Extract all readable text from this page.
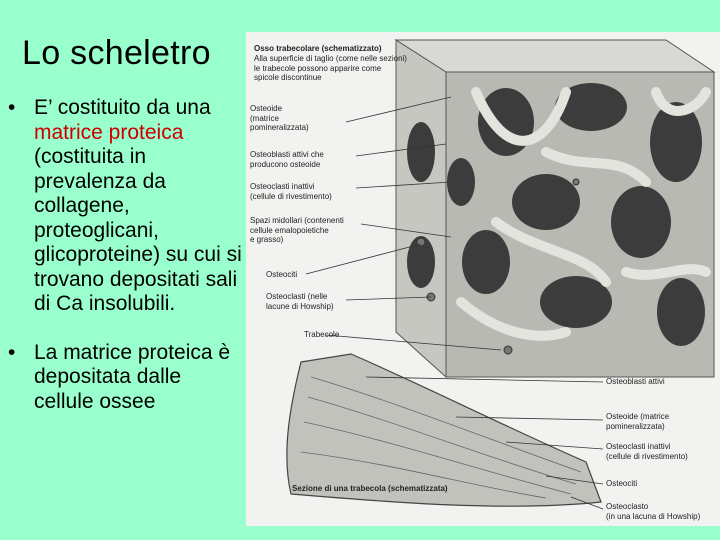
Lo scheletro
• E’ costituito da una matrice proteica (costituita in prevalenza da collagene, proteoglicani, glicoproteine) su cui si trovano depositati sali di Ca insolubili.
• La matrice proteica è depositata dalle cellule ossee
Osso trabecolare (schematizzato)
Alla superficie di taglio (come nelle sezioni)
le trabecole possono apparire come
spicole discontinue
Osteoide
(matrice
pomineralizzata)
Osteoblasti attivi che
producono osteoide
Osteoclasti inattivi
(cellule di rivestimento)
Spazi midollari (contenenti
cellule emalopoietiche
e grasso)
Osteociti
Osteoclasti (nelle
lacune di Howship)
Trabecole
Sezione di una trabecola (schematizzata)
Osteoblasti attivi
Osteoide (matrice
pomineralizzata)
Osteoclasti inattivi
(cellule di rivestimento)
Osteociti
Osteoclasto
(in una lacuna di Howship)
